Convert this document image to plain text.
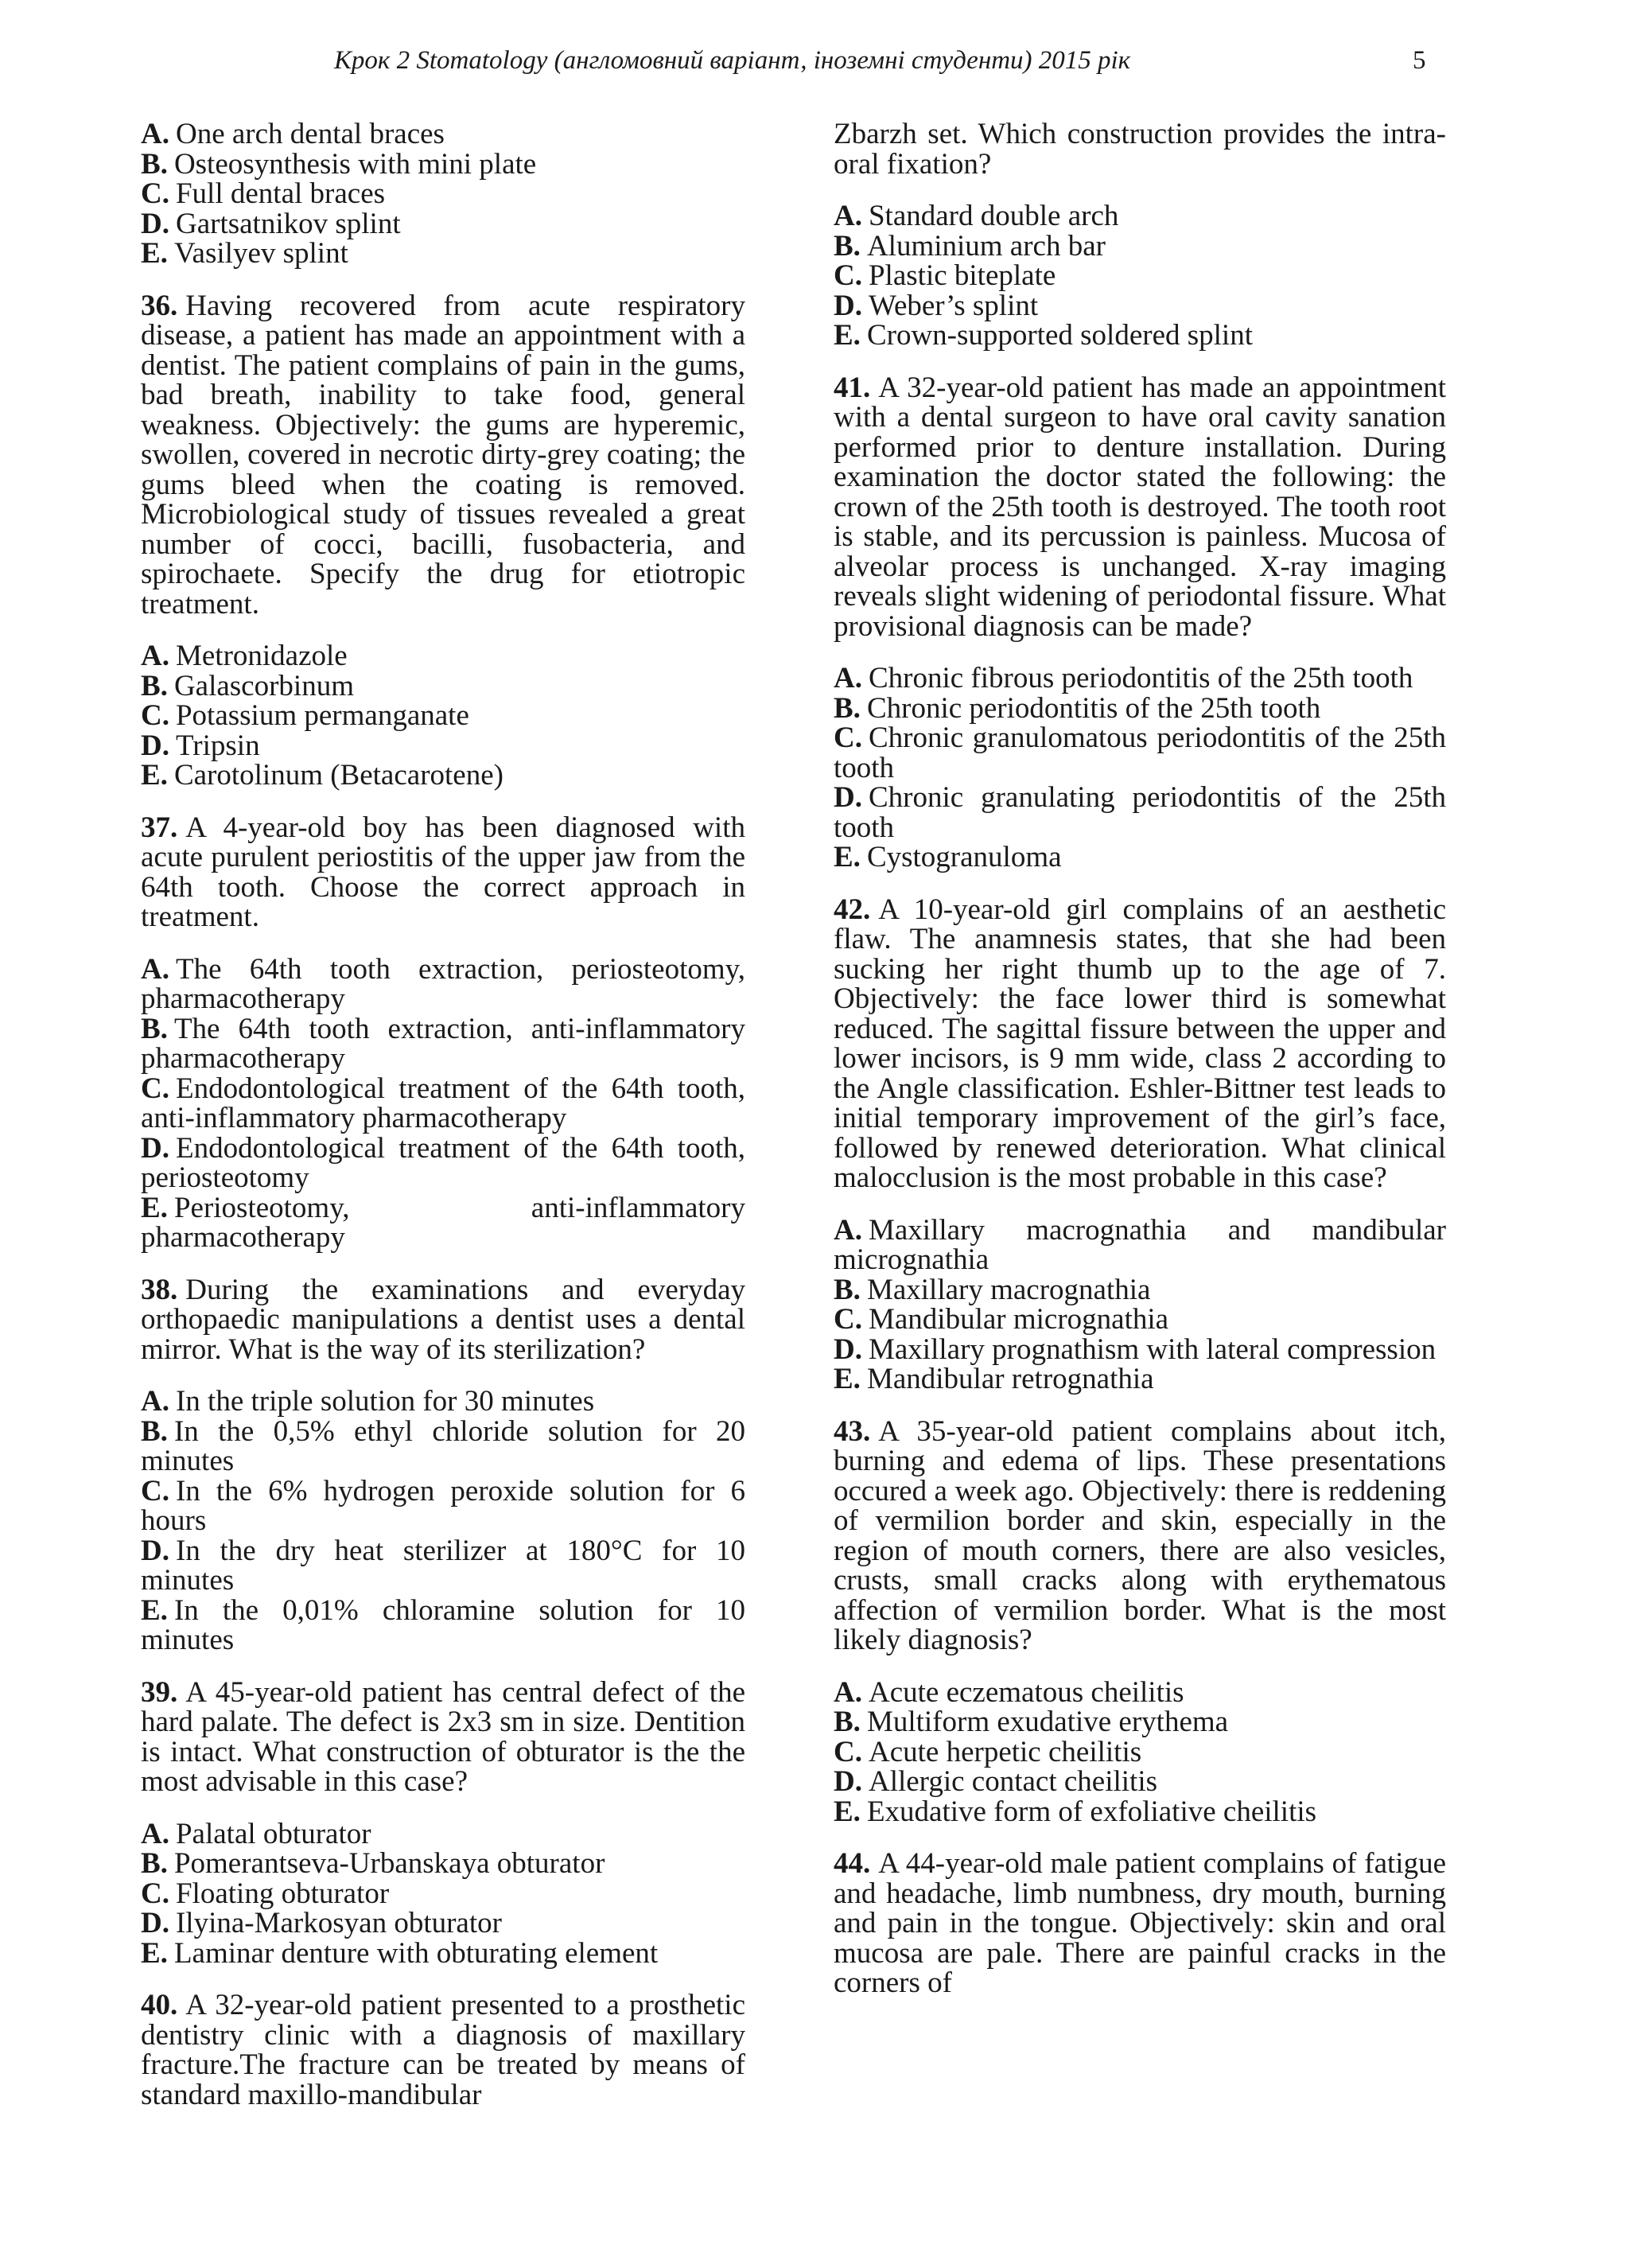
Крок 2 Stomatology (англомовний варіант, іноземні студенти) 2015 рік	5
A. One arch dental braces
B. Osteosynthesis with mini plate
C. Full dental braces
D. Gartsatnikov splint
E. Vasilyev splint
36. Having recovered from acute respiratory disease, a patient has made an appointment with a dentist. The patient complains of pain in the gums, bad breath, inability to take food, general weakness. Objectively: the gums are hyperemic, swollen, covered in necrotic dirty-grey coating; the gums bleed when the coating is removed. Microbiological study of tissues revealed a great number of cocci, bacilli, fusobacteria, and spirochaete. Specify the drug for etiotropic treatment.
A. Metronidazole
B. Galascorbinum
C. Potassium permanganate
D. Tripsin
E. Carotolinum (Betacarotene)
37. A 4-year-old boy has been diagnosed with acute purulent periostitis of the upper jaw from the 64th tooth. Choose the correct approach in treatment.
A. The 64th tooth extraction, periosteotomy, pharmacotherapy
B. The 64th tooth extraction, anti-inflammatory pharmacotherapy
C. Endodontological treatment of the 64th tooth, anti-inflammatory pharmacotherapy
D. Endodontological treatment of the 64th tooth, periosteotomy
E. Periosteotomy, anti-inflammatory pharmacotherapy
38. During the examinations and everyday orthopaedic manipulations a dentist uses a dental mirror. What is the way of its sterilization?
A. In the triple solution for 30 minutes
B. In the 0,5% ethyl chloride solution for 20 minutes
C. In the 6% hydrogen peroxide solution for 6 hours
D. In the dry heat sterilizer at 180°C for 10 minutes
E. In the 0,01% chloramine solution for 10 minutes
39. A 45-year-old patient has central defect of the hard palate. The defect is 2x3 sm in size. Dentition is intact. What construction of obturator is the the most advisable in this case?
A. Palatal obturator
B. Pomerantseva-Urbanskaya obturator
C. Floating obturator
D. Ilyina-Markosyan obturator
E. Laminar denture with obturating element
40. A 32-year-old patient presented to a prosthetic dentistry clinic with a diagnosis of maxillary fracture.The fracture can be treated by means of standard maxillo-mandibular
Zbarzh set. Which construction provides the intra-oral fixation?
A. Standard double arch
B. Aluminium arch bar
C. Plastic biteplate
D. Weber’s splint
E. Crown-supported soldered splint
41. A 32-year-old patient has made an appointment with a dental surgeon to have oral cavity sanation performed prior to denture installation. During examination the doctor stated the following: the crown of the 25th tooth is destroyed. The tooth root is stable, and its percussion is painless. Mucosa of alveolar process is unchanged. X-ray imaging reveals slight widening of periodontal fissure. What provisional diagnosis can be made?
A. Chronic fibrous periodontitis of the 25th tooth
B. Chronic periodontitis of the 25th tooth
C. Chronic granulomatous periodontitis of the 25th tooth
D. Chronic granulating periodontitis of the 25th tooth
E. Cystogranuloma
42. A 10-year-old girl complains of an aesthetic flaw. The anamnesis states, that she had been sucking her right thumb up to the age of 7. Objectively: the face lower third is somewhat reduced. The sagittal fissure between the upper and lower incisors, is 9 mm wide, class 2 according to the Angle classification. Eshler-Bittner test leads to initial temporary improvement of the girl’s face, followed by renewed deterioration. What clinical malocclusion is the most probable in this case?
A. Maxillary macrognathia and mandibular micrognathia
B. Maxillary macrognathia
C. Mandibular micrognathia
D. Maxillary prognathism with lateral compression
E. Mandibular retrognathia
43. A 35-year-old patient complains about itch, burning and edema of lips. These presentations occured a week ago. Objectively: there is reddening of vermilion border and skin, especially in the region of mouth corners, there are also vesicles, crusts, small cracks along with erythematous affection of vermilion border. What is the most likely diagnosis?
A. Acute eczematous cheilitis
B. Multiform exudative erythema
C. Acute herpetic cheilitis
D. Allergic contact cheilitis
E. Exudative form of exfoliative cheilitis
44. A 44-year-old male patient complains of fatigue and headache, limb numbness, dry mouth, burning and pain in the tongue. Objectively: skin and oral mucosa are pale. There are painful cracks in the corners of
